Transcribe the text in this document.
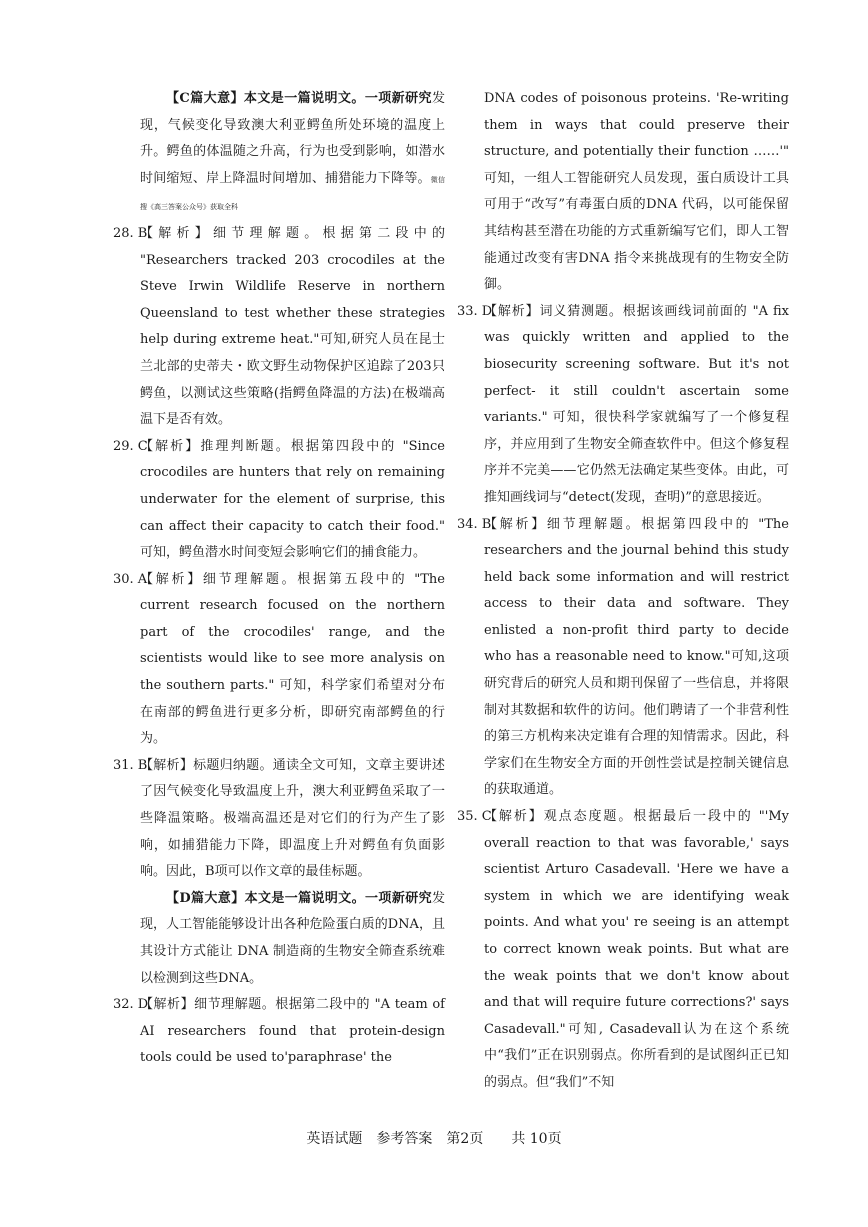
【C篇大意】本文是一篇说明文。一项新研究发现，气候变化导致澳大利亚鳄鱼所处环境的温度上升。鳄鱼的体温随之升高，行为也受到影响，如潜水时间缩短、岸上降温时间增加、捕猎能力下降等。微信搜《高三答案公众号》获取全科

28. B

【解析】细节理解题。根据第二段中的 "Researchers tracked 203 crocodiles at the Steve Irwin Wildlife Reserve in northern Queensland to test whether these strategies help during extreme heat."可知,研究人员在昆士兰北部的史蒂夫・欧文野生动物保护区追踪了203只鳄鱼，以测试这些策略(指鳄鱼降温的方法)在极端高温下是否有效。

29. C

【解析】推理判断题。根据第四段中的 "Since crocodiles are hunters that rely on remaining underwater for the element of surprise, this can affect their capacity to catch their food." 可知，鳄鱼潜水时间变短会影响它们的捕食能力。

30. A

【解析】细节理解题。根据第五段中的 "The current research focused on the northern part of the crocodiles' range, and the scientists would like to see more analysis on the southern parts." 可知，科学家们希望对分布在南部的鳄鱼进行更多分析，即研究南部鳄鱼的行为。

31. B

【解析】标题归纳题。通读全文可知，文章主要讲述了因气候变化导致温度上升，澳大利亚鳄鱼采取了一些降温策略。极端高温还是对它们的行为产生了影响，如捕猎能力下降，即温度上升对鳄鱼有负面影响。因此，B项可以作文章的最佳标题。

【D篇大意】本文是一篇说明文。一项新研究发现，人工智能能够设计出各种危险蛋白质的DNA，且其设计方式能让 DNA 制造商的生物安全筛查系统难以检测到这些DNA。

32. D

【解析】细节理解题。根据第二段中的 "A team of AI researchers found that protein-design tools could be used to'paraphrase' the

DNA codes of poisonous proteins. 'Re-writing them in ways that could preserve their structure, and potentially their function ……'" 可知，一组人工智能研究人员发现，蛋白质设计工具可用于“改写”有毒蛋白质的DNA 代码，以可能保留其结构甚至潜在功能的方式重新编写它们，即人工智能通过改变有害DNA 指令来挑战现有的生物安全防御。

33. D

【解析】词义猜测题。根据该画线词前面的 "A fix was quickly written and applied to the biosecurity screening software. But it's not perfect- it still couldn't ascertain some variants." 可知，很快科学家就编写了一个修复程序，并应用到了生物安全筛查软件中。但这个修复程序并不完美——它仍然无法确定某些变体。由此，可推知画线词与“detect(发现，查明)”的意思接近。

34. B

【解析】细节理解题。根据第四段中的 "The researchers and the journal behind this study held back some information and will restrict access to their data and software. They enlisted a non-profit third party to decide who has a reasonable need to know."可知,这项研究背后的研究人员和期刊保留了一些信息，并将限制对其数据和软件的访问。他们聘请了一个非营利性的第三方机构来决定谁有合理的知情需求。因此，科学家们在生物安全方面的开创性尝试是控制关键信息的获取通道。

35. C

【解析】观点态度题。根据最后一段中的 "'My overall reaction to that was favorable,' says scientist Arturo Casadevall. 'Here we have a system in which we are identifying weak points. And what you' re seeing is an attempt to correct known weak points. But what are the weak points that we don't know about and that will require future corrections?' says Casadevall."可知, Casadevall认为在这个系统中“我们”正在识别弱点。你所看到的是试图纠正已知的弱点。但“我们”不知

英语试题　参考答案　第2页　　共 10页
